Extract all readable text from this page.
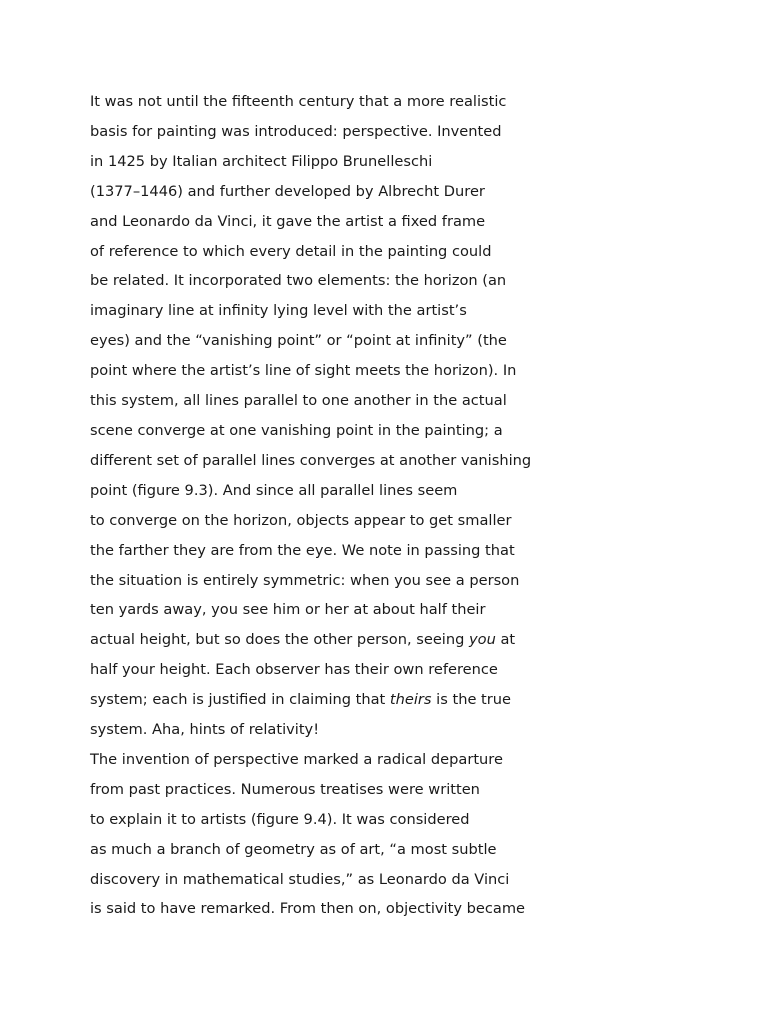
It was not until the fifteenth century that a more realistic
basis for painting was introduced: perspective. Invented
in 1425 by Italian architect Filippo Brunelleschi
(1377–1446) and further developed by Albrecht Durer
and Leonardo da Vinci, it gave the artist a fixed frame
of reference to which every detail in the painting could
be related. It incorporated two elements: the horizon (an
imaginary line at infinity lying level with the artist’s
eyes) and the “vanishing point” or “point at infinity” (the
point where the artist’s line of sight meets the horizon). In
this system, all lines parallel to one another in the actual
scene converge at one vanishing point in the painting; a
different set of parallel lines converges at another vanishing
point (figure 9.3). And since all parallel lines seem
to converge on the horizon, objects appear to get smaller
the farther they are from the eye. We note in passing that
the situation is entirely symmetric: when you see a person
ten yards away, you see him or her at about half their
actual height, but so does the other person, seeing you at
half your height. Each observer has their own reference
system; each is justified in claiming that theirs is the true
system. Aha, hints of relativity!
The invention of perspective marked a radical departure
from past practices. Numerous treatises were written
to explain it to artists (figure 9.4). It was considered
as much a branch of geometry as of art, “a most subtle
discovery in mathematical studies,” as Leonardo da Vinci
is said to have remarked. From then on, objectivity became
